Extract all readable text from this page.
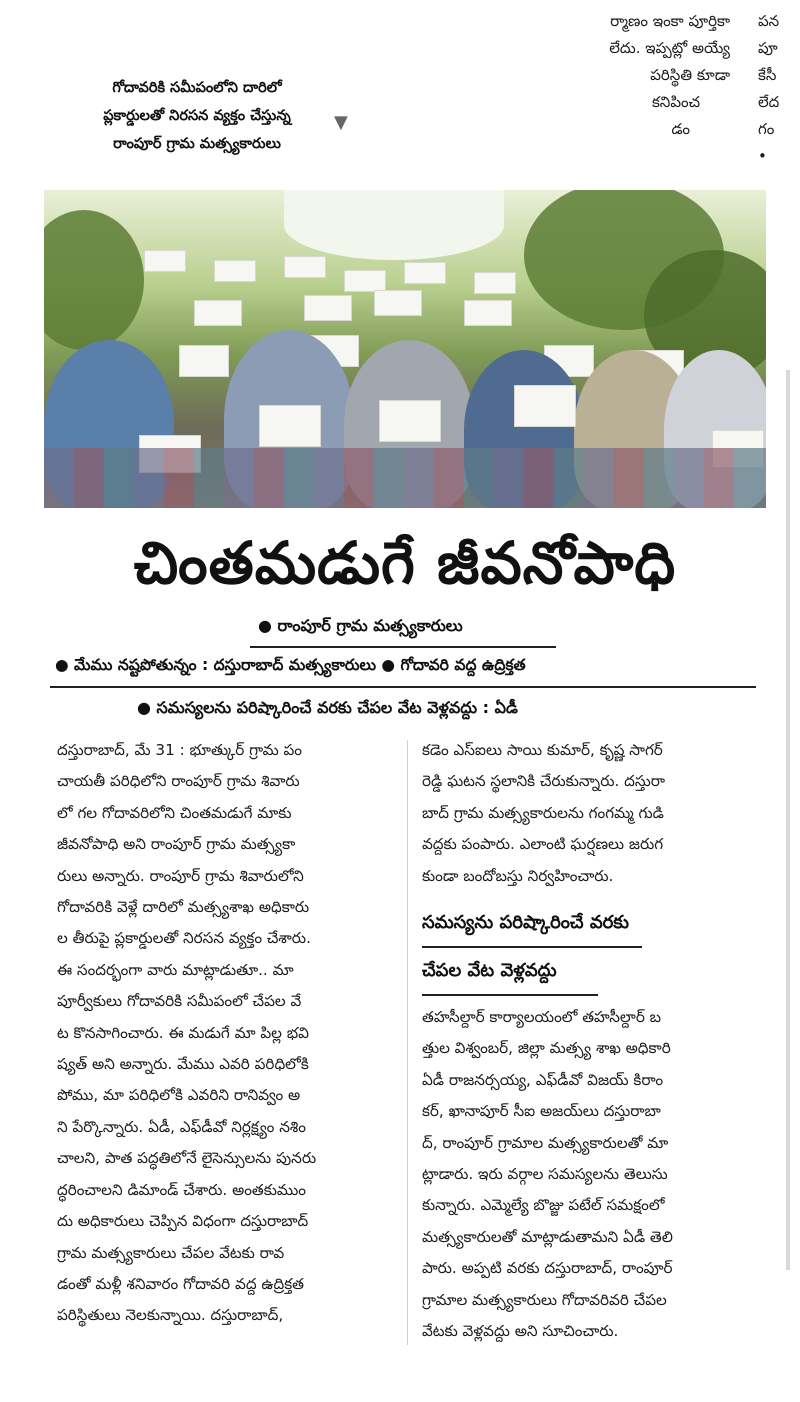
ర్మాణం ఇంకా పూర్తికా
లేదు. ఇప్పట్లో అయ్యే
పరిస్థితి కూడా
కనిపించ
డం
పన
పూ
కేసీ
లేద
గం
•
గోదావరికి సమీపంలోని దారిలో
ప్లకార్డులతో నిరసన వ్యక్తం చేస్తున్న
రాంపూర్ గ్రామ మత్స్యకారులు
▼
చింతమడుగే జీవనోపాధి
● రాంపూర్ గ్రామ మత్స్యకారులు
● మేము నష్టపోతున్నం : దస్తురాబాద్ మత్స్యకారులు ● గోదావరి వద్ద ఉద్రిక్తత
● సమస్యలను పరిష్కారించే వరకు చేపల వేట వెళ్లవద్దు : ఏడీ
దస్తురాబాద్, మే 31 : భూత్కుర్ గ్రామ పం
చాయతీ పరిధిలోని రాంపూర్ గ్రామ శివారు
లో గల గోదావరిలోని చింతమడుగే మాకు
జీవనోపాధి అని రాంపూర్ గ్రామ మత్స్యకా
రులు అన్నారు. రాంపూర్ గ్రామ శివారులోని
గోదావరికి వెళ్లే దారిలో మత్స్యశాఖ అధికారు
ల తీరుపై ప్లకార్డులతో నిరసన వ్యక్తం చేశారు.
ఈ సందర్భంగా వారు మాట్లాడుతూ.. మా
పూర్వీకులు గోదావరికి సమీపంలో చేపల వే
ట కొనసాగించారు. ఈ మడుగే మా పిల్ల భవి
ష్యత్ అని అన్నారు. మేము ఎవరి పరిధిలోకి
పోము, మా పరిధిలోకి ఎవరిని రానివ్వం అ
ని పేర్కొన్నారు. ఏడీ, ఎఫ్‌డీవో నిర్లక్ష్యం నశిం
చాలని, పాత పద్ధతిలోనే లైసెన్సులను పునరు
ద్ధరించాలని డిమాండ్ చేశారు. అంతకుముం
దు అధికారులు చెప్పిన విధంగా దస్తురాబాద్
గ్రామ మత్స్యకారులు చేపల వేటకు రావ
డంతో మళ్లీ శనివారం గోదావరి వద్ద ఉద్రిక్తత
పరిస్థితులు నెలకున్నాయి. దస్తురాబాద్,
కడెం ఎస్‌ఐలు సాయి కుమార్, కృష్ణ సాగర్
రెడ్డి ఘటన స్థలానికి చేరుకున్నారు. దస్తురా
బాద్ గ్రామ మత్స్యకారులను గంగమ్మ గుడి
వద్దకు పంపారు. ఎలాంటి ఘర్షణలు జరుగ
కుండా బందోబస్తు నిర్వహించారు.
సమస్యను పరిష్కారించే వరకు
చేపల వేట వెళ్లవద్దు
తహసీల్దార్ కార్యాలయంలో తహసీల్దార్ బ
త్తుల విశ్వంబర్, జిల్లా మత్స్య శాఖ అధికారి
ఏడీ రాజనర్సయ్య, ఎఫ్‌డీవో విజయ్ కిరాం
కర్, ఖానాపూర్ సీఐ అజయ్‌లు దస్తురాబా
ద్, రాంపూర్ గ్రామాల మత్స్యకారులతో మా
ట్లాడారు. ఇరు వర్గాల సమస్యలను తెలుసు
కున్నారు. ఎమ్మెల్యే బొజ్జు పటేల్ సమక్షంలో
మత్స్యకారులతో మాట్లాడుతామని ఏడీ తెలి
పారు. అప్పటి వరకు దస్తురాబాద్, రాంపూర్
గ్రామాల మత్స్యకారులు గోదావరివరి చేపల
వేటకు వెళ్లవద్దు అని సూచించారు.
